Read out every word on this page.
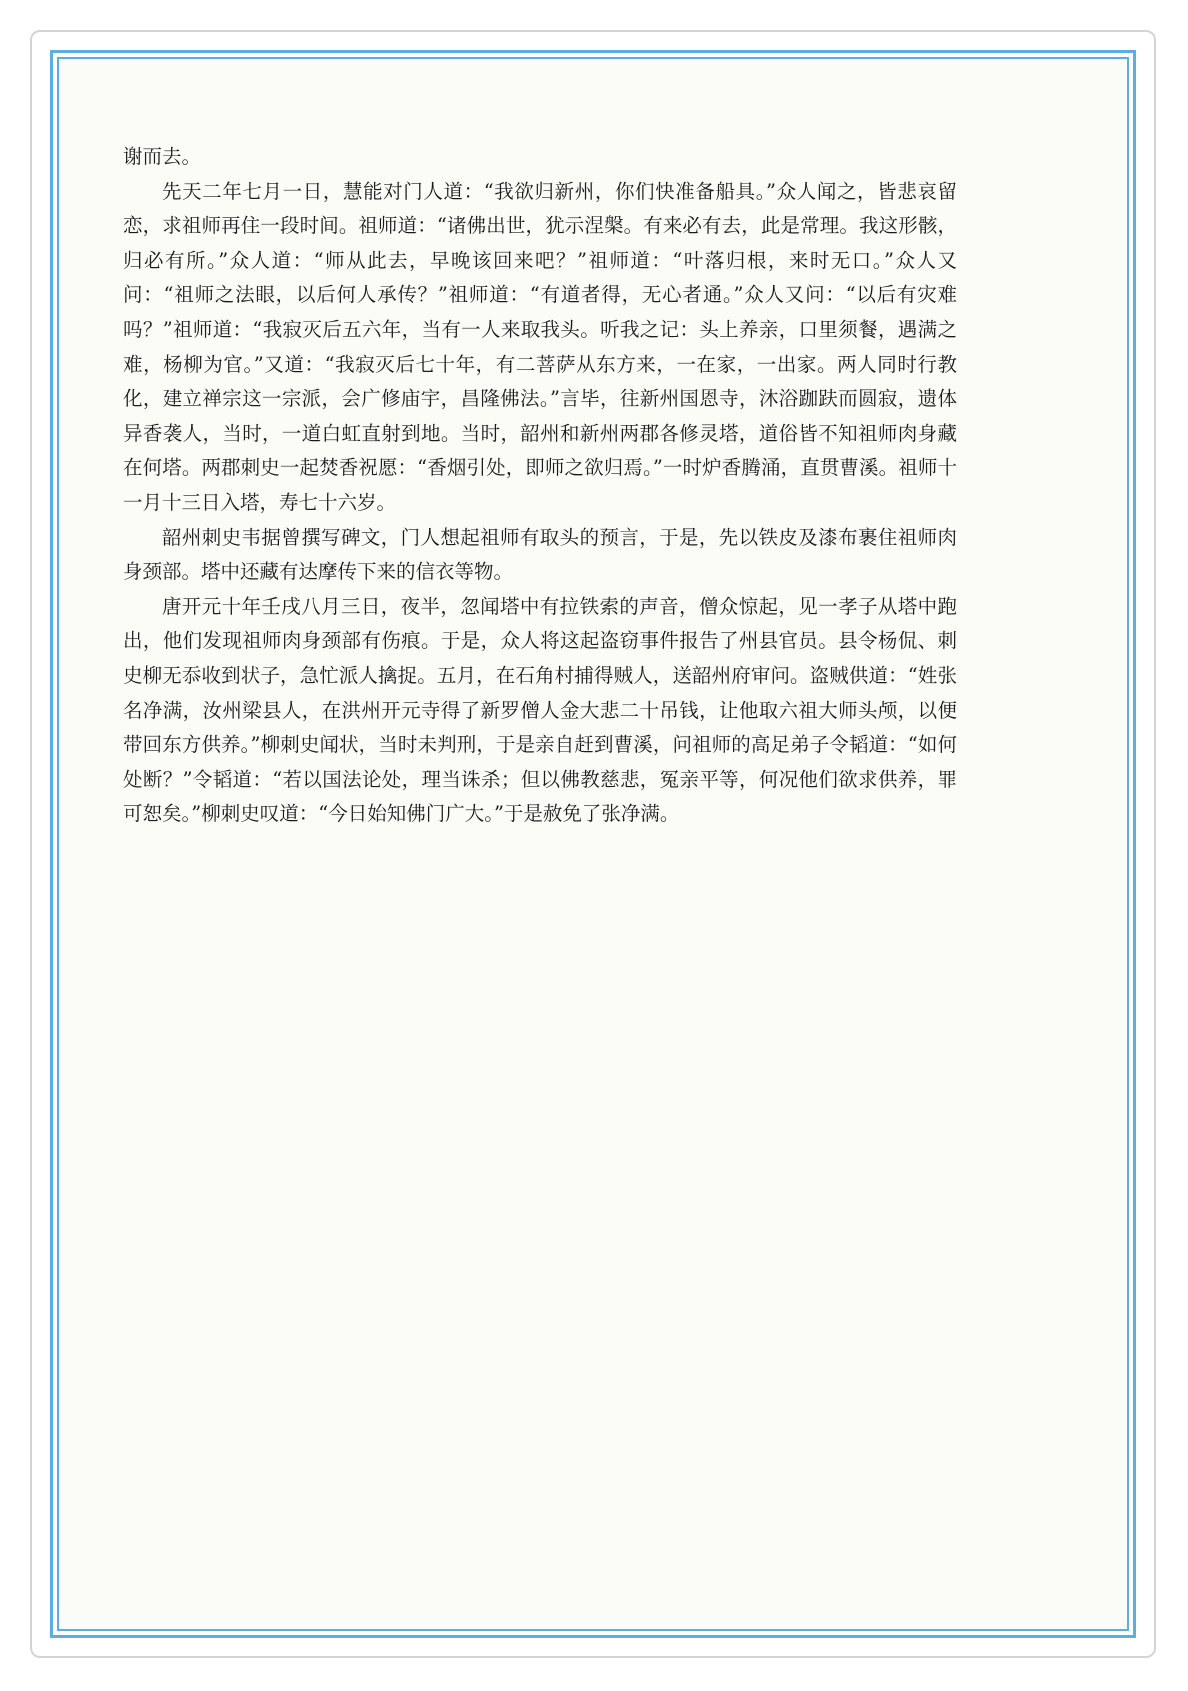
谢而去。

先天二年七月一日，慧能对门人道：“我欲归新州，你们快准备船具。”众人闻之，皆悲哀留恋，求祖师再住一段时间。祖师道：“诸佛出世，犹示涅槃。有来必有去，此是常理。我这形骸，归必有所。”众人道：“师从此去，早晚该回来吧？”祖师道：“叶落归根，来时无口。”众人又问：“祖师之法眼，以后何人承传？”祖师道：“有道者得，无心者通。”众人又问：“以后有灾难吗？”祖师道：“我寂灭后五六年，当有一人来取我头。听我之记：头上养亲，口里须餐，遇满之难，杨柳为官。”又道：“我寂灭后七十年，有二菩萨从东方来，一在家，一出家。两人同时行教化，建立禅宗这一宗派，会广修庙宇，昌隆佛法。”言毕，往新州国恩寺，沐浴跏趺而圆寂，遗体异香袭人，当时，一道白虹直射到地。当时，韶州和新州两郡各修灵塔，道俗皆不知祖师肉身藏在何塔。两郡刺史一起焚香祝愿：“香烟引处，即师之欲归焉。”一时炉香腾涌，直贯曹溪。祖师十一月十三日入塔，寿七十六岁。

韶州刺史韦据曾撰写碑文，门人想起祖师有取头的预言，于是，先以铁皮及漆布裹住祖师肉身颈部。塔中还藏有达摩传下来的信衣等物。

唐开元十年壬戌八月三日，夜半，忽闻塔中有拉铁索的声音，僧众惊起，见一孝子从塔中跑出，他们发现祖师肉身颈部有伤痕。于是，众人将这起盗窃事件报告了州县官员。县令杨侃、刺史柳无忝收到状子，急忙派人擒捉。五月，在石角村捕得贼人，送韶州府审问。盗贼供道：“姓张名净满，汝州梁县人，在洪州开元寺得了新罗僧人金大悲二十吊钱，让他取六祖大师头颅，以便带回东方供养。”柳刺史闻状，当时未判刑，于是亲自赶到曹溪，问祖师的高足弟子令韬道：“如何处断？”令韬道：“若以国法论处，理当诛杀；但以佛教慈悲，冤亲平等，何况他们欲求供养，罪可恕矣。”柳刺史叹道：“今日始知佛门广大。”于是赦免了张净满。
